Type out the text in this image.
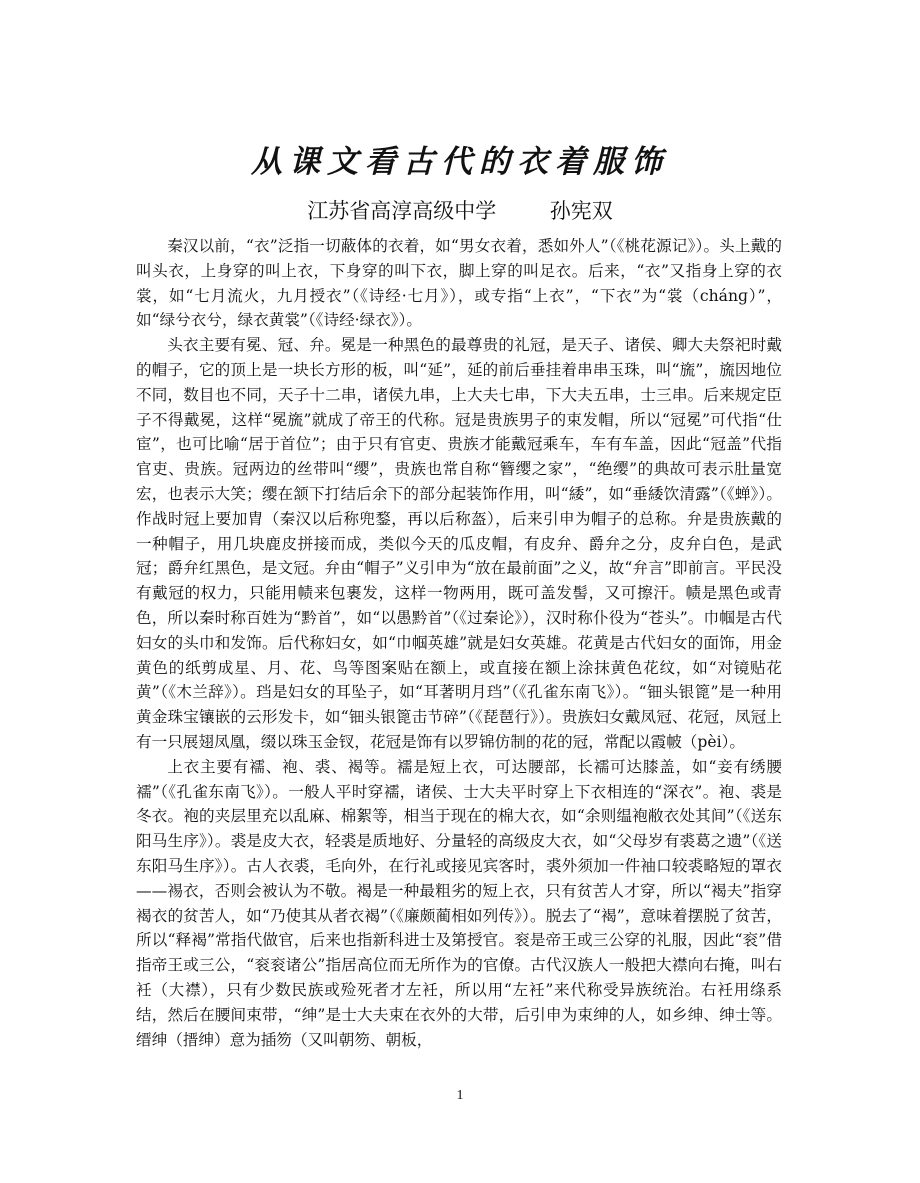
从课文看古代的衣着服饰
江苏省高淳高级中学        孙宪双

秦汉以前，“衣”泛指一切蔽体的衣着，如“男女衣着，悉如外人”（《桃花源记》）。头上戴的叫头衣，上身穿的叫上衣，下身穿的叫下衣，脚上穿的叫足衣。后来，“衣”又指身上穿的衣裳，如“七月流火，九月授衣”（《诗经·七月》），或专指“上衣”，“下衣”为“裳（chánɡ）”，如“绿兮衣兮，绿衣黄裳”（《诗经·绿衣》）。

头衣主要有冕、冠、弁。冕是一种黑色的最尊贵的礼冠，是天子、诸侯、卿大夫祭祀时戴的帽子，它的顶上是一块长方形的板，叫“延”，延的前后垂挂着串串玉珠，叫“旒”，旒因地位不同，数目也不同，天子十二串，诸侯九串，上大夫七串，下大夫五串，士三串。后来规定臣子不得戴冕，这样“冕旒”就成了帝王的代称。冠是贵族男子的束发帽，所以“冠冕”可代指“仕宦”，也可比喻“居于首位”；由于只有官吏、贵族才能戴冠乘车，车有车盖，因此“冠盖”代指官吏、贵族。冠两边的丝带叫“缨”，贵族也常自称“簪缨之家”，“绝缨”的典故可表示肚量宽宏，也表示大笑；缨在颔下打结后余下的部分起装饰作用，叫“緌”，如“垂緌饮清露”（《蝉》）。作战时冠上要加胄（秦汉以后称兜鍪，再以后称盔），后来引申为帽子的总称。弁是贵族戴的一种帽子，用几块鹿皮拼接而成，类似今天的瓜皮帽，有皮弁、爵弁之分，皮弁白色，是武冠；爵弁红黑色，是文冠。弁由“帽子”义引申为“放在最前面”之义，故“弁言”即前言。平民没有戴冠的权力，只能用帻来包裹发，这样一物两用，既可盖发髻，又可擦汗。帻是黑色或青色，所以秦时称百姓为“黔首”，如“以愚黔首”（《过秦论》），汉时称仆役为“苍头”。巾帼是古代妇女的头巾和发饰。后代称妇女，如“巾帼英雄”就是妇女英雄。花黄是古代妇女的面饰，用金黄色的纸剪成星、月、花、鸟等图案贴在额上，或直接在额上涂抹黄色花纹，如“对镜贴花黄”（《木兰辞》）。珰是妇女的耳坠子，如“耳著明月珰”（《孔雀东南飞》）。“钿头银篦”是一种用黄金珠宝镶嵌的云形发卡，如“钿头银篦击节碎”（《琵琶行》）。贵族妇女戴凤冠、花冠，凤冠上有一只展翅凤凰，缀以珠玉金钗，花冠是饰有以罗锦仿制的花的冠，常配以霞帔（pèi）。

上衣主要有襦、袍、裘、褐等。襦是短上衣，可达腰部，长襦可达膝盖，如“妾有绣腰襦”（《孔雀东南飞》）。一般人平时穿襦，诸侯、士大夫平时穿上下衣相连的“深衣”。袍、裘是冬衣。袍的夹层里充以乱麻、棉絮等，相当于现在的棉大衣，如“余则缊袍敝衣处其间”（《送东阳马生序》）。裘是皮大衣，轻裘是质地好、分量轻的高级皮大衣，如“父母岁有裘葛之遗”（《送东阳马生序》）。古人衣裘，毛向外，在行礼或接见宾客时，裘外须加一件袖口较裘略短的罩衣——裼衣，否则会被认为不敬。褐是一种最粗劣的短上衣，只有贫苦人才穿，所以“褐夫”指穿褐衣的贫苦人，如“乃使其从者衣褐”（《廉颇蔺相如列传》）。脱去了“褐”，意味着摆脱了贫苦，所以“释褐”常指代做官，后来也指新科进士及第授官。衮是帝王或三公穿的礼服，因此“衮”借指帝王或三公，“衮衮诸公”指居高位而无所作为的官僚。古代汉族人一般把大襟向右掩，叫右衽（大襟），只有少数民族或殓死者才左衽，所以用“左衽”来代称受异族统治。右衽用绦系结，然后在腰间束带，“绅”是士大夫束在衣外的大带，后引申为束绅的人，如乡绅、绅士等。缙绅（搢绅）意为插笏（又叫朝笏、朝板，

1
